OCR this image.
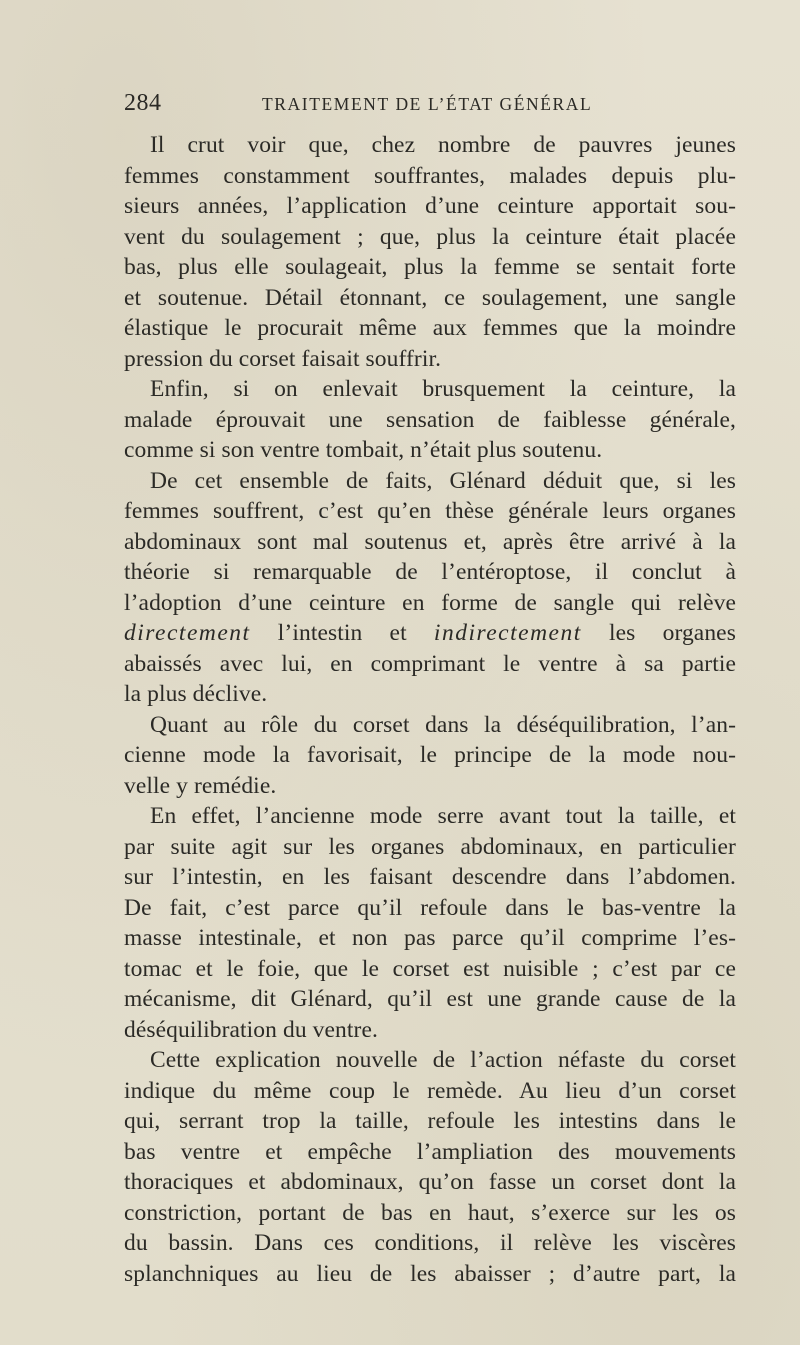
284	TRAITEMENT DE L’ÉTAT GÉNÉRAL
Il crut voir que, chez nombre de pauvres jeunes
femmes constamment souffrantes, malades depuis plu-
sieurs années, l’application d’une ceinture apportait sou-
vent du soulagement ; que, plus la ceinture était placée
bas, plus elle soulageait, plus la femme se sentait forte
et soutenue. Détail étonnant, ce soulagement, une sangle
élastique le procurait même aux femmes que la moindre
pression du corset faisait souffrir.
Enfin, si on enlevait brusquement la ceinture, la
malade éprouvait une sensation de faiblesse générale,
comme si son ventre tombait, n’était plus soutenu.
De cet ensemble de faits, Glénard déduit que, si les
femmes souffrent, c’est qu’en thèse générale leurs organes
abdominaux sont mal soutenus et, après être arrivé à la
théorie si remarquable de l’entéroptose, il conclut à
l’adoption d’une ceinture en forme de sangle qui relève
directement l’intestin et indirectement les organes
abaissés avec lui, en comprimant le ventre à sa partie
la plus déclive.
Quant au rôle du corset dans la déséquilibration, l’an-
cienne mode la favorisait, le principe de la mode nou-
velle y remédie.
En effet, l’ancienne mode serre avant tout la taille, et
par suite agit sur les organes abdominaux, en particulier
sur l’intestin, en les faisant descendre dans l’abdomen.
De fait, c’est parce qu’il refoule dans le bas-ventre la
masse intestinale, et non pas parce qu’il comprime l’es-
tomac et le foie, que le corset est nuisible ; c’est par ce
mécanisme, dit Glénard, qu’il est une grande cause de la
déséquilibration du ventre.
Cette explication nouvelle de l’action néfaste du corset
indique du même coup le remède. Au lieu d’un corset
qui, serrant trop la taille, refoule les intestins dans le
bas ventre et empêche l’ampliation des mouvements
thoraciques et abdominaux, qu’on fasse un corset dont la
constriction, portant de bas en haut, s’exerce sur les os
du bassin. Dans ces conditions, il relève les viscères
splanchniques au lieu de les abaisser ; d’autre part, la
